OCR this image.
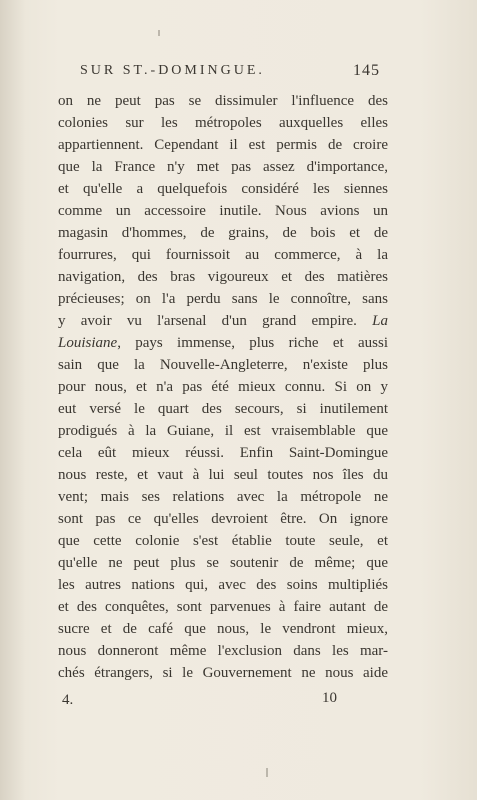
SUR ST.-DOMINGUE.	145
on ne peut pas se dissimuler l'influence des
colonies sur les métropoles auxquelles elles
appartiennent. Cependant il est permis de croire
que la France n'y met pas assez d'importance,
et qu'elle a quelquefois considéré les siennes
comme un accessoire inutile. Nous avions un
magasin d'hommes, de grains, de bois et de
fourrures, qui fournissoit au commerce, à la
navigation, des bras vigoureux et des matières
précieuses; on l'a perdu sans le connoître, sans
y avoir vu l'arsenal d'un grand empire. La
Louisiane, pays immense, plus riche et aussi
sain que la Nouvelle-Angleterre, n'existe plus
pour nous, et n'a pas été mieux connu. Si on y
eut versé le quart des secours, si inutilement
prodigués à la Guiane, il est vraisemblable que
cela eût mieux réussi. Enfin Saint-Domingue
nous reste, et vaut à lui seul toutes nos îles du
vent; mais ses relations avec la métropole ne
sont pas ce qu'elles devroient être. On ignore
que cette colonie s'est établie toute seule, et
qu'elle ne peut plus se soutenir de même; que
les autres nations qui, avec des soins multipliés
et des conquêtes, sont parvenues à faire autant de
sucre et de café que nous, le vendront mieux,
nous donneront même l'exclusion dans les mar-
chés étrangers, si le Gouvernement ne nous aide
4.	10
